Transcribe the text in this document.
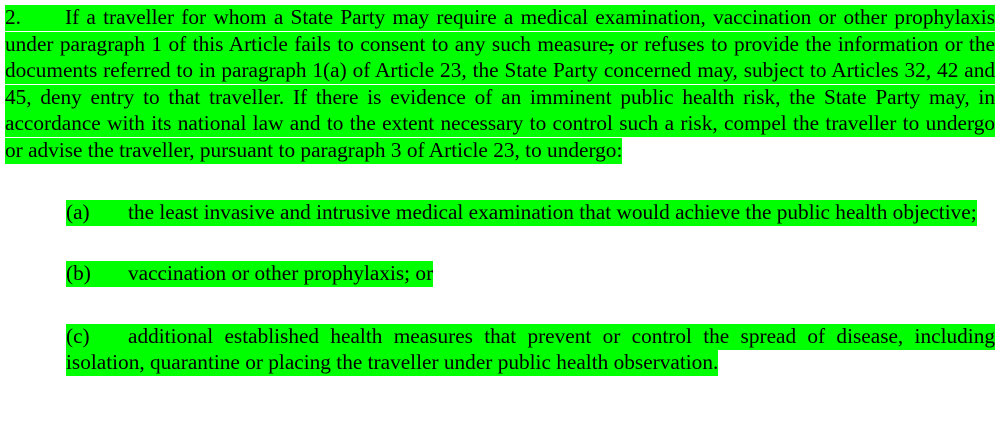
2. If a traveller for whom a State Party may require a medical examination, vaccination or other prophylaxis under paragraph 1 of this Article fails to consent to any such measure, or refuses to provide the information or the documents referred to in paragraph 1(a) of Article 23, the State Party concerned may, subject to Articles 32, 42 and 45, deny entry to that traveller. If there is evidence of an imminent public health risk, the State Party may, in accordance with its national law and to the extent necessary to control such a risk, compel the traveller to undergo or advise the traveller, pursuant to paragraph 3 of Article 23, to undergo:

(a) the least invasive and intrusive medical examination that would achieve the public health objective;

(b) vaccination or other prophylaxis; or

(c) additional established health measures that prevent or control the spread of disease, including isolation, quarantine or placing the traveller under public health observation.
